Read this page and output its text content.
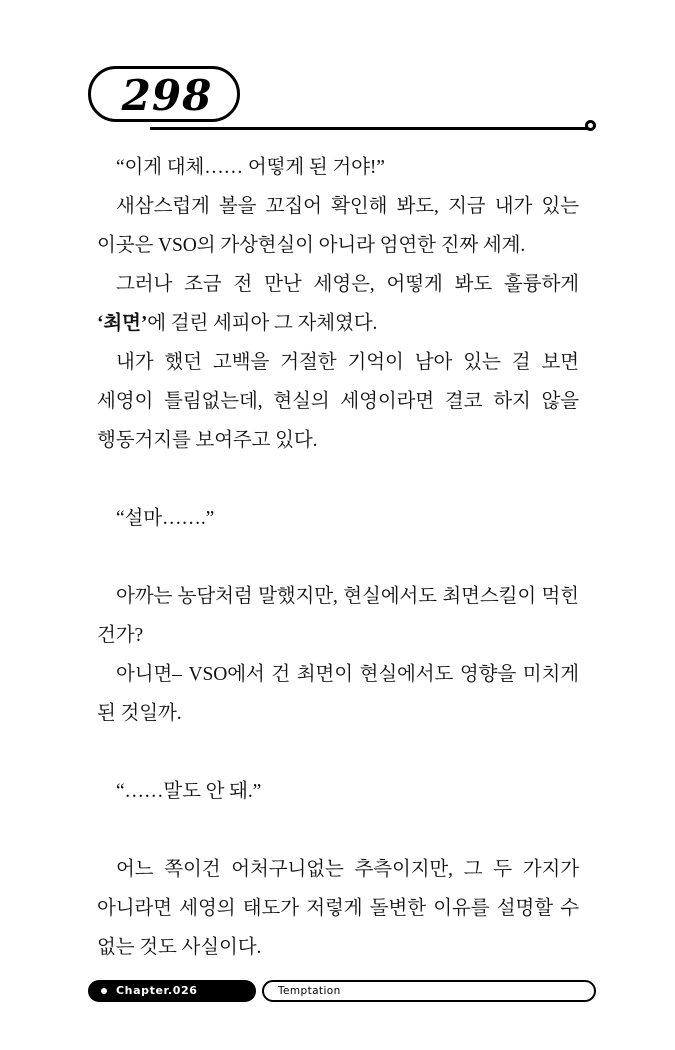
298

“이게 대체…… 어떻게 된 거야!”

새삼스럽게 볼을 꼬집어 확인해 봐도, 지금 내가 있는 이곳은 VSO의 가상현실이 아니라 엄연한 진짜 세계.

그러나 조금 전 만난 세영은, 어떻게 봐도 훌륭하게 ‘최면’에 걸린 세피아 그 자체였다.

내가 했던 고백을 거절한 기억이 남아 있는 걸 보면 세영이 틀림없는데, 현실의 세영이라면 결코 하지 않을 행동거지를 보여주고 있다.

“설마…….”

아까는 농담처럼 말했지만, 현실에서도 최면스킬이 먹힌 건가?

아니면– VSO에서 건 최면이 현실에서도 영향을 미치게 된 것일까.

“……말도 안 돼.”

어느 쪽이건 어처구니없는 추측이지만, 그 두 가지가 아니라면 세영의 태도가 저렇게 돌변한 이유를 설명할 수 없는 것도 사실이다.

Chapter.026	Temptation
